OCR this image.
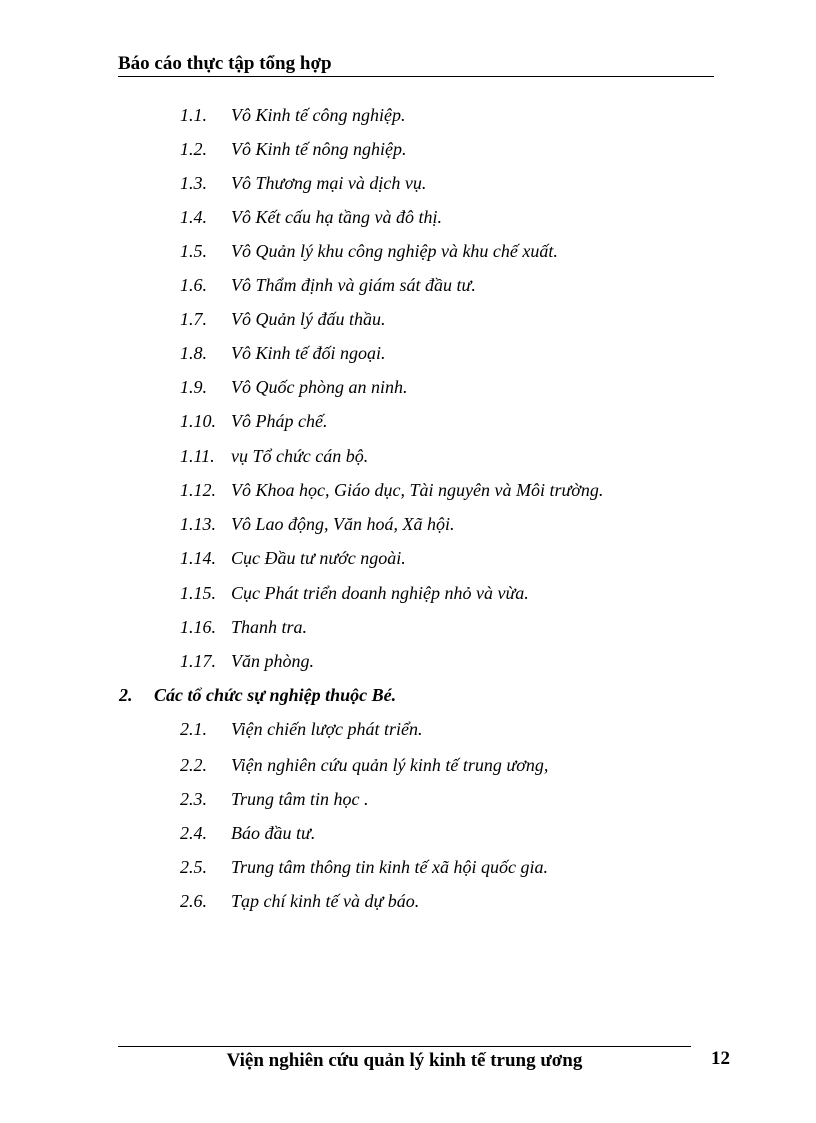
Báo cáo thực tập tổng hợp
1.1. Vô Kinh tế công nghiệp.
1.2. Vô Kinh tế nông nghiệp.
1.3. Vô Thương mại và dịch vụ.
1.4. Vô Kết cấu hạ tầng và đô thị.
1.5. Vô Quản lý khu công nghiệp và khu chế xuất.
1.6. Vô Thẩm định và giám sát đầu tư.
1.7. Vô Quản lý đấu thầu.
1.8. Vô Kinh tế đối ngoại.
1.9. Vô Quốc phòng an ninh.
1.10. Vô Pháp chế.
1.11. vụ Tổ chức cán bộ.
1.12. Vô Khoa học, Giáo dục, Tài nguyên và Môi trường.
1.13. Vô Lao động, Văn hoá, Xã hội.
1.14. Cục Đầu tư nước ngoài.
1.15. Cục Phát triển doanh nghiệp nhỏ và vừa.
1.16. Thanh tra.
1.17. Văn phòng.
2. Các tổ chức sự nghiệp thuộc Bé.
2.1. Viện chiến lược phát triển.
2.2. Viện nghiên cứu quản lý kinh tế trung ương,
2.3. Trung tâm tin học .
2.4. Báo đầu tư.
2.5. Trung tâm thông tin kinh tế xã hội quốc gia.
2.6. Tạp chí kinh tế và dự báo.
Viện nghiên cứu quản lý kinh tế trung ương	12
